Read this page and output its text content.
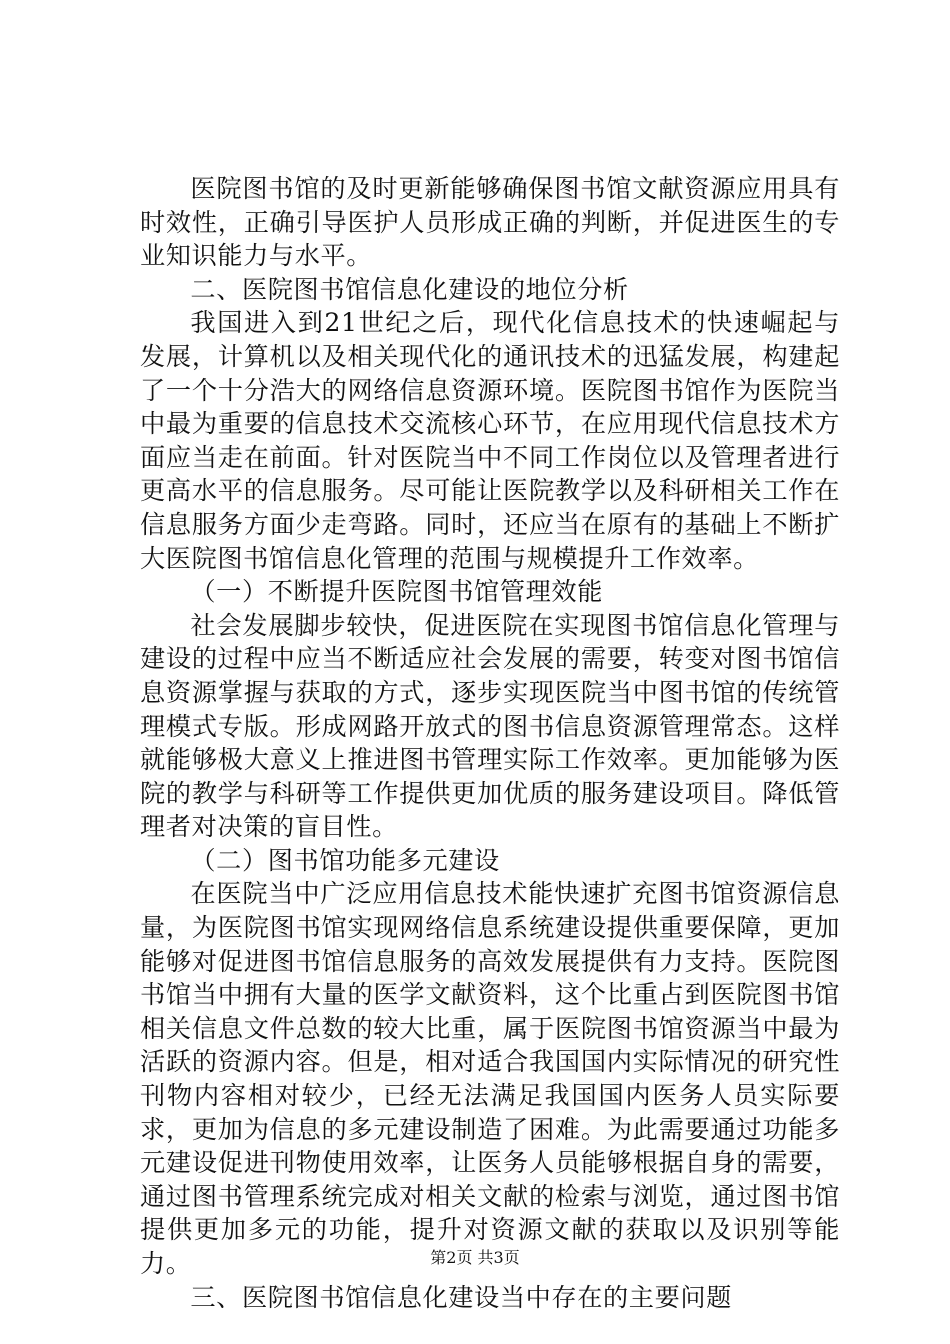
医院图书馆的及时更新能够确保图书馆文献资源应用具有时效性，正确引导医护人员形成正确的判断，并促进医生的专业知识能力与水平。

二、医院图书馆信息化建设的地位分析

我国进入到21世纪之后，现代化信息技术的快速崛起与发展，计算机以及相关现代化的通讯技术的迅猛发展，构建起了一个十分浩大的网络信息资源环境。医院图书馆作为医院当中最为重要的信息技术交流核心环节，在应用现代信息技术方面应当走在前面。针对医院当中不同工作岗位以及管理者进行更高水平的信息服务。尽可能让医院教学以及科研相关工作在信息服务方面少走弯路。同时，还应当在原有的基础上不断扩大医院图书馆信息化管理的范围与规模提升工作效率。

（一）不断提升医院图书馆管理效能

社会发展脚步较快，促进医院在实现图书馆信息化管理与建设的过程中应当不断适应社会发展的需要，转变对图书馆信息资源掌握与获取的方式，逐步实现医院当中图书馆的传统管理模式专版。形成网路开放式的图书信息资源管理常态。这样就能够极大意义上推进图书管理实际工作效率。更加能够为医院的教学与科研等工作提供更加优质的服务建设项目。降低管理者对决策的盲目性。

（二）图书馆功能多元建设

在医院当中广泛应用信息技术能快速扩充图书馆资源信息量，为医院图书馆实现网络信息系统建设提供重要保障，更加能够对促进图书馆信息服务的高效发展提供有力支持。医院图书馆当中拥有大量的医学文献资料，这个比重占到医院图书馆相关信息文件总数的较大比重，属于医院图书馆资源当中最为活跃的资源内容。但是，相对适合我国国内实际情况的研究性刊物内容相对较少，已经无法满足我国国内医务人员实际要求，更加为信息的多元建设制造了困难。为此需要通过功能多元建设促进刊物使用效率，让医务人员能够根据自身的需要，通过图书管理系统完成对相关文献的检索与浏览，通过图书馆提供更加多元的功能，提升对资源文献的获取以及识别等能力。

三、医院图书馆信息化建设当中存在的主要问题

第2页 共3页
